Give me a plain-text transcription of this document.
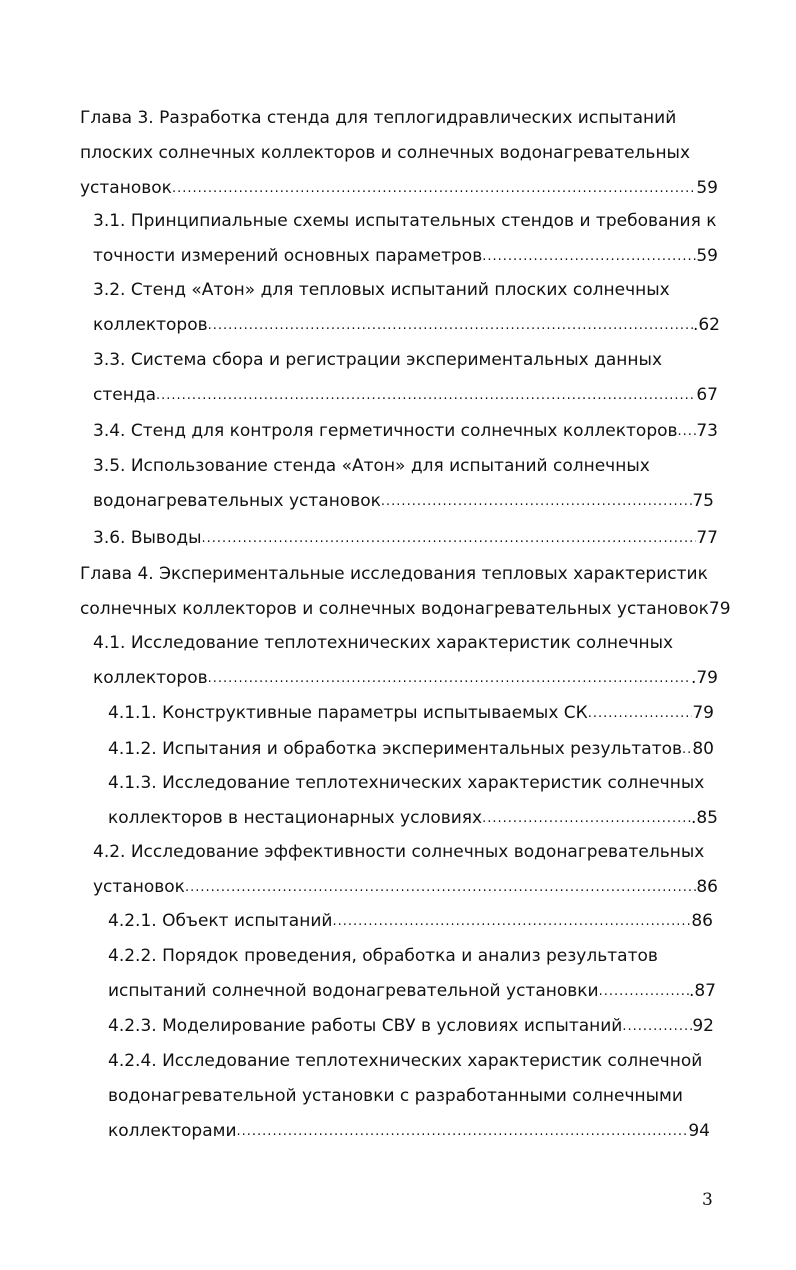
Глава 3. Разработка стенда для теплогидравлических испытаний
плоских солнечных коллекторов и солнечных водонагревательных
установок .....	59
3.1. Принципиальные схемы испытательных стендов и требования к
точности измерений основных параметров .....	59
3.2. Стенд «Атон» для тепловых испытаний плоских солнечных
коллекторов .....	.62
3.3. Система сбора и регистрации экспериментальных данных
стенда .....	67
3.4. Стенд для контроля герметичности солнечных коллекторов ..... 73
3.5. Использование стенда «Атон» для испытаний солнечных
водонагревательных установок .....	75
3.6. Выводы .....	77
Глава 4. Экспериментальные исследования тепловых характеристик
солнечных коллекторов и солнечных водонагревательных установок 79
4.1. Исследование теплотехнических характеристик солнечных
коллекторов .....	.79
4.1.1. Конструктивные параметры испытываемых СК .....	79
4.1.2. Испытания и обработка экспериментальных результатов ..... 80
4.1.3. Исследование теплотехнических характеристик солнечных
коллекторов в нестационарных условиях .....	.85
4.2. Исследование эффективности солнечных водонагревательных
установок .....	86
4.2.1. Объект испытаний .....	86
4.2.2. Порядок проведения, обработка и анализ результатов
испытаний солнечной водонагревательной установки .....	.87
4.2.3. Моделирование работы СВУ в условиях испытаний .....	92
4.2.4. Исследование теплотехнических характеристик солнечной
водонагревательной установки с разработанными солнечными
коллекторами .....	94
3
